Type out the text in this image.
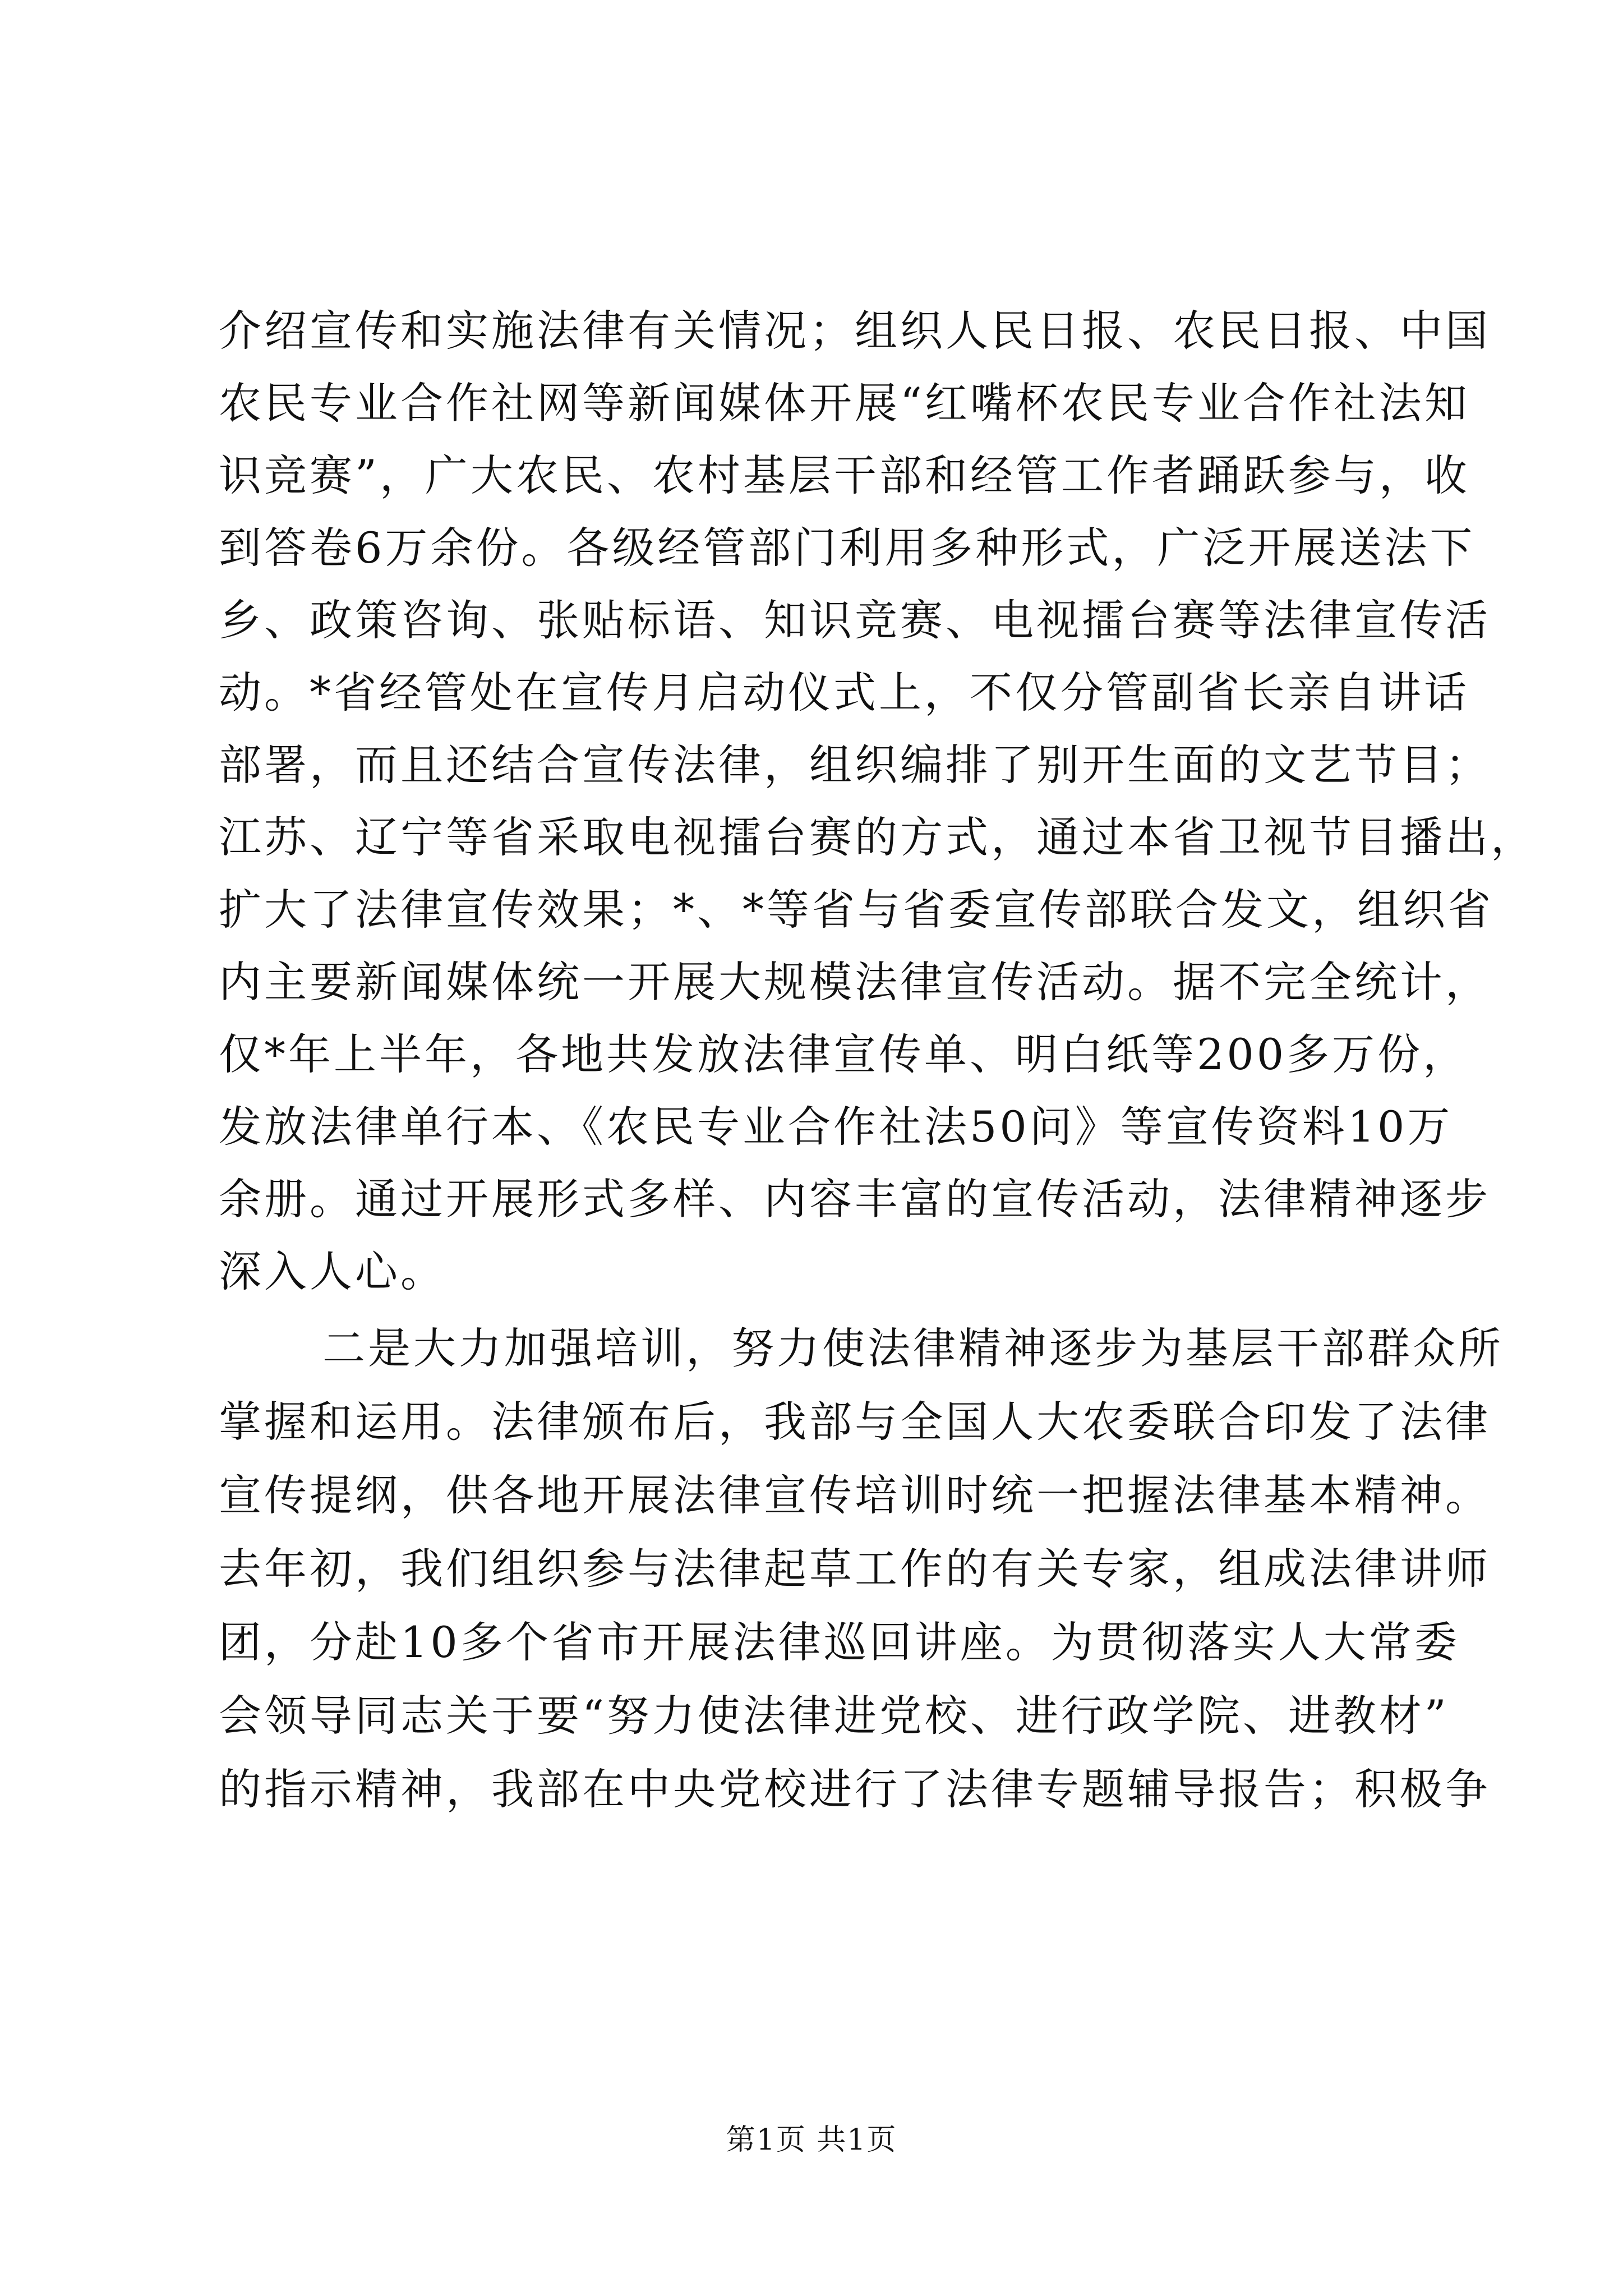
介绍宣传和实施法律有关情况；组织人民日报、农民日报、中国
农民专业合作社网等新闻媒体开展“红嘴杯农民专业合作社法知
识竞赛”，广大农民、农村基层干部和经管工作者踊跃参与，收
到答卷6万余份。各级经管部门利用多种形式，广泛开展送法下
乡、政策咨询、张贴标语、知识竞赛、电视擂台赛等法律宣传活
动。*省经管处在宣传月启动仪式上，不仅分管副省长亲自讲话
部署，而且还结合宣传法律，组织编排了别开生面的文艺节目；
江苏、辽宁等省采取电视擂台赛的方式，通过本省卫视节目播出，
扩大了法律宣传效果；*、*等省与省委宣传部联合发文，组织省
内主要新闻媒体统一开展大规模法律宣传活动。据不完全统计，
仅*年上半年，各地共发放法律宣传单、明白纸等200多万份，
发放法律单行本、《农民专业合作社法50问》等宣传资料10万
余册。通过开展形式多样、内容丰富的宣传活动，法律精神逐步
深入人心。
二是大力加强培训，努力使法律精神逐步为基层干部群众所
掌握和运用。法律颁布后，我部与全国人大农委联合印发了法律
宣传提纲，供各地开展法律宣传培训时统一把握法律基本精神。
去年初，我们组织参与法律起草工作的有关专家，组成法律讲师
团，分赴10多个省市开展法律巡回讲座。为贯彻落实人大常委
会领导同志关于要“努力使法律进党校、进行政学院、进教材”
的指示精神，我部在中央党校进行了法律专题辅导报告；积极争
第1页 共1页
